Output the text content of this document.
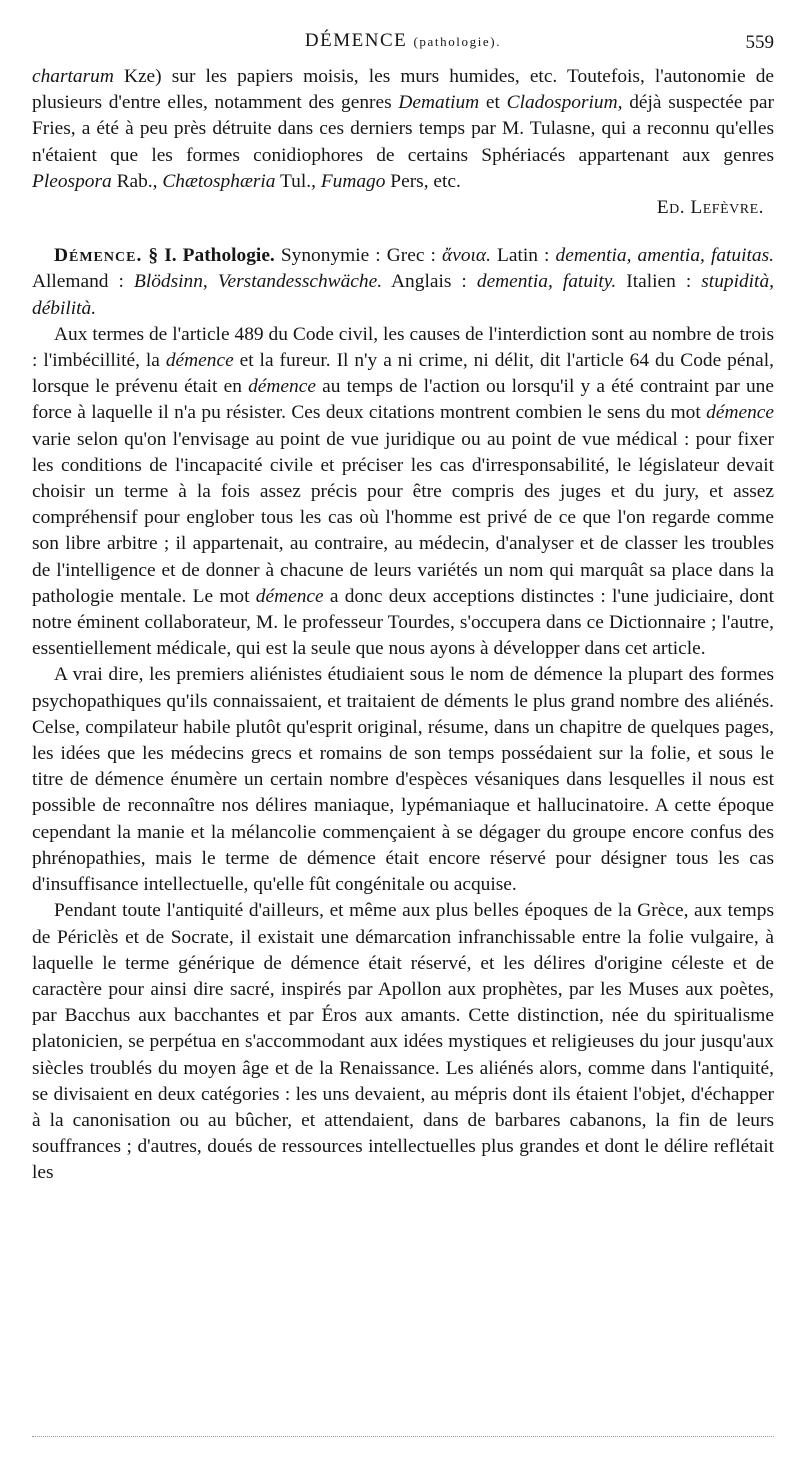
DÉMENCE (pathologie).	559

chartarum Kze) sur les papiers moisis, les murs humides, etc. Toutefois, l'autonomie de plusieurs d'entre elles, notamment des genres Dematium et Cladosporium, déjà suspectée par Fries, a été à peu près détruite dans ces derniers temps par M. Tulasne, qui a reconnu qu'elles n'étaient que les formes conidiophores de certains Sphériacés appartenant aux genres Pleospora Rab., Chætosphæria Tul., Fumago Pers, etc.

Ed. Lefèvre.

Démence. § I. Pathologie. Synonymie : Grec : ἄνοια. Latin : dementia, amentia, fatuitas. Allemand : Blödsinn, Verstandesschwäche. Anglais : dementia, fatuity. Italien : stupidità, débilità.

Aux termes de l'article 489 du Code civil, les causes de l'interdiction sont au nombre de trois : l'imbécillité, la démence et la fureur. Il n'y a ni crime, ni délit, dit l'article 64 du Code pénal, lorsque le prévenu était en démence au temps de l'action ou lorsqu'il y a été contraint par une force à laquelle il n'a pu résister. Ces deux citations montrent combien le sens du mot démence varie selon qu'on l'envisage au point de vue juridique ou au point de vue médical : pour fixer les conditions de l'incapacité civile et préciser les cas d'irresponsabilité, le législateur devait choisir un terme à la fois assez précis pour être compris des juges et du jury, et assez compréhensif pour englober tous les cas où l'homme est privé de ce que l'on regarde comme son libre arbitre ; il appartenait, au contraire, au médecin, d'analyser et de classer les troubles de l'intelligence et de donner à chacune de leurs variétés un nom qui marquât sa place dans la pathologie mentale. Le mot démence a donc deux acceptions distinctes : l'une judiciaire, dont notre éminent collaborateur, M. le professeur Tourdes, s'occupera dans ce Dictionnaire ; l'autre, essentiellement médicale, qui est la seule que nous ayons à développer dans cet article.

A vrai dire, les premiers aliénistes étudiaient sous le nom de démence la plupart des formes psychopathiques qu'ils connaissaient, et traitaient de déments le plus grand nombre des aliénés. Celse, compilateur habile plutôt qu'esprit original, résume, dans un chapitre de quelques pages, les idées que les médecins grecs et romains de son temps possédaient sur la folie, et sous le titre de démence énumère un certain nombre d'espèces vésaniques dans lesquelles il nous est possible de reconnaître nos délires maniaque, lypémaniaque et hallucinatoire. A cette époque cependant la manie et la mélancolie commençaient à se dégager du groupe encore confus des phrénopathies, mais le terme de démence était encore réservé pour désigner tous les cas d'insuffisance intellectuelle, qu'elle fût congénitale ou acquise.

Pendant toute l'antiquité d'ailleurs, et même aux plus belles époques de la Grèce, aux temps de Périclès et de Socrate, il existait une démarcation infranchissable entre la folie vulgaire, à laquelle le terme générique de démence était réservé, et les délires d'origine céleste et de caractère pour ainsi dire sacré, inspirés par Apollon aux prophètes, par les Muses aux poètes, par Bacchus aux bacchantes et par Éros aux amants. Cette distinction, née du spiritualisme platonicien, se perpétua en s'accommodant aux idées mystiques et religieuses du jour jusqu'aux siècles troublés du moyen âge et de la Renaissance. Les aliénés alors, comme dans l'antiquité, se divisaient en deux catégories : les uns devaient, au mépris dont ils étaient l'objet, d'échapper à la canonisation ou au bûcher, et attendaient, dans de barbares cabanons, la fin de leurs souffrances ; d'autres, doués de ressources intellectuelles plus grandes et dont le délire reflétait les
